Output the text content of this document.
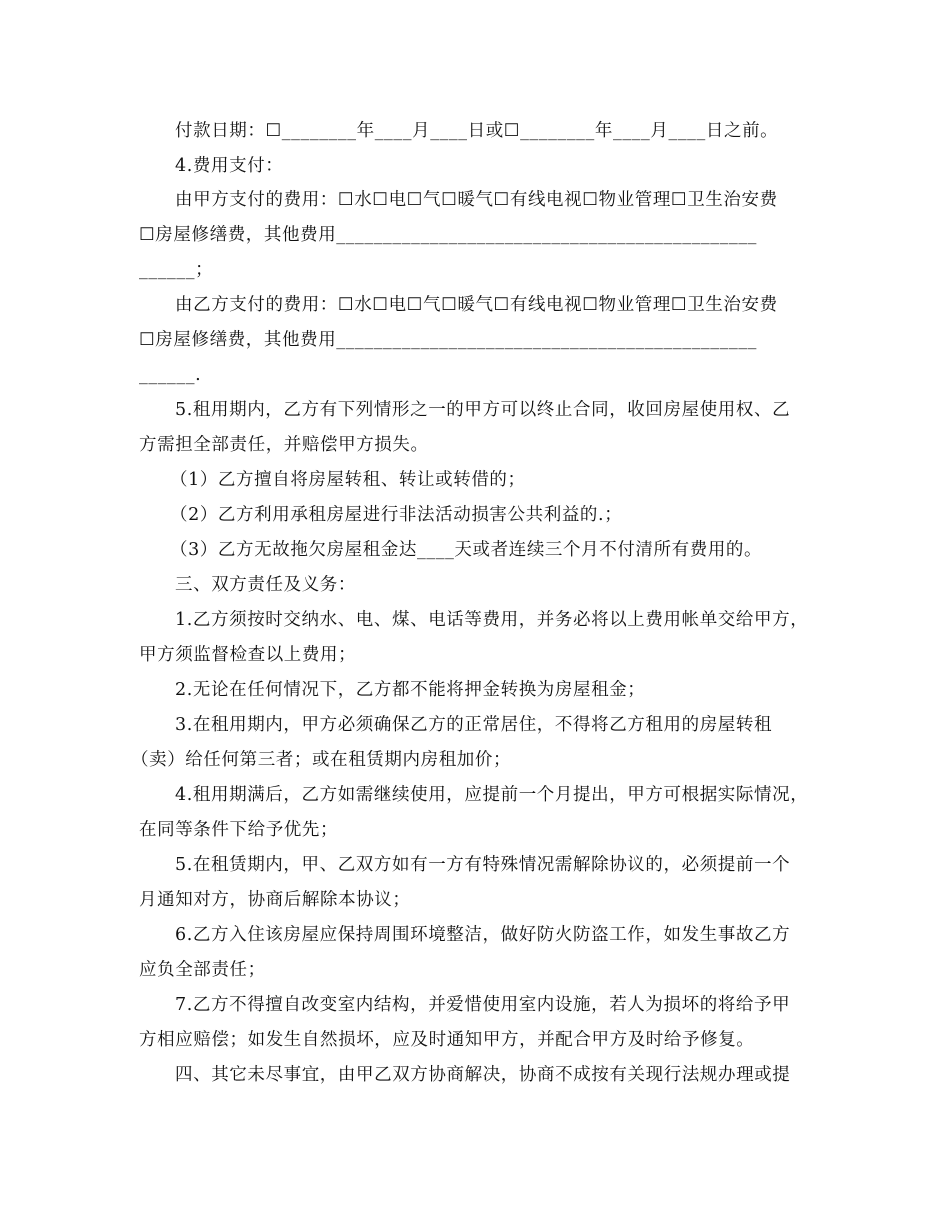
付款日期：☐________年____月____日或☐________年____月____日之前。
4.费用支付：
由甲方支付的费用：☐水☐电☐气☐暖气☐有线电视☐物业管理☐卫生治安费
☐房屋修缮费，其他费用_____________________________________________
______；
由乙方支付的费用：☐水☐电☐气☐暖气☐有线电视☐物业管理☐卫生治安费
☐房屋修缮费，其他费用_____________________________________________
______.
5.租用期内，乙方有下列情形之一的甲方可以终止合同，收回房屋使用权、乙
方需担全部责任，并赔偿甲方损失。
（1）乙方擅自将房屋转租、转让或转借的；
（2）乙方利用承租房屋进行非法活动损害公共利益的.；
（3）乙方无故拖欠房屋租金达____天或者连续三个月不付清所有费用的。
三、双方责任及义务：
1.乙方须按时交纳水、电、煤、电话等费用，并务必将以上费用帐单交给甲方，
甲方须监督检查以上费用；
2.无论在任何情况下，乙方都不能将押金转换为房屋租金；
3.在租用期内，甲方必须确保乙方的正常居住，不得将乙方租用的房屋转租
（卖）给任何第三者；或在租赁期内房租加价；
4.租用期满后，乙方如需继续使用，应提前一个月提出，甲方可根据实际情况，
在同等条件下给予优先；
5.在租赁期内，甲、乙双方如有一方有特殊情况需解除协议的，必须提前一个
月通知对方，协商后解除本协议；
6.乙方入住该房屋应保持周围环境整洁，做好防火防盗工作，如发生事故乙方
应负全部责任；
7.乙方不得擅自改变室内结构，并爱惜使用室内设施，若人为损坏的将给予甲
方相应赔偿；如发生自然损坏，应及时通知甲方，并配合甲方及时给予修复。
四、其它未尽事宜，由甲乙双方协商解决，协商不成按有关现行法规办理或提
